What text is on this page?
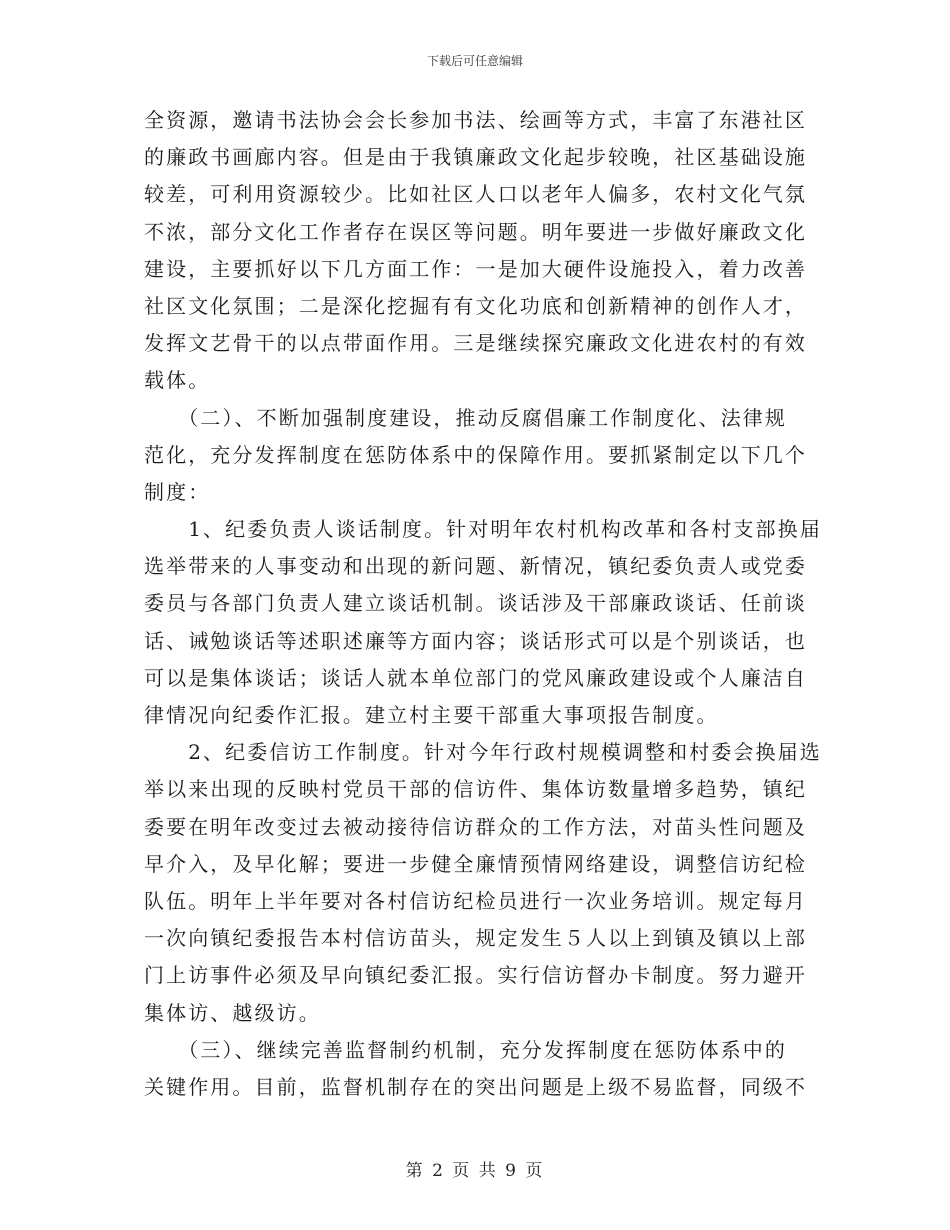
下载后可任意编辑
全资源，邀请书法协会会长参加书法、绘画等方式，丰富了东港社区
的廉政书画廊内容。但是由于我镇廉政文化起步较晚，社区基础设施
较差，可利用资源较少。比如社区人口以老年人偏多，农村文化气氛
不浓，部分文化工作者存在误区等问题。明年要进一步做好廉政文化
建设，主要抓好以下几方面工作：一是加大硬件设施投入，着力改善
社区文化氛围；二是深化挖掘有有文化功底和创新精神的创作人才，
发挥文艺骨干的以点带面作用。三是继续探究廉政文化进农村的有效
载体。
　　（二）、不断加强制度建设，推动反腐倡廉工作制度化、法律规
范化，充分发挥制度在惩防体系中的保障作用。要抓紧制定以下几个
制度：
　　1、纪委负责人谈话制度。针对明年农村机构改革和各村支部换届
选举带来的人事变动和出现的新问题、新情况，镇纪委负责人或党委
委员与各部门负责人建立谈话机制。谈话涉及干部廉政谈话、任前谈
话、诫勉谈话等述职述廉等方面内容；谈话形式可以是个别谈话，也
可以是集体谈话；谈话人就本单位部门的党风廉政建设或个人廉洁自
律情况向纪委作汇报。建立村主要干部重大事项报告制度。
　　2、纪委信访工作制度。针对今年行政村规模调整和村委会换届选
举以来出现的反映村党员干部的信访件、集体访数量增多趋势，镇纪
委要在明年改变过去被动接待信访群众的工作方法，对苗头性问题及
早介入，及早化解；要进一步健全廉情预情网络建设，调整信访纪检
队伍。明年上半年要对各村信访纪检员进行一次业务培训。规定每月
一次向镇纪委报告本村信访苗头，规定发生５人以上到镇及镇以上部
门上访事件必须及早向镇纪委汇报。实行信访督办卡制度。努力避开
集体访、越级访。
　　（三）、继续完善监督制约机制，充分发挥制度在惩防体系中的
关键作用。目前，监督机制存在的突出问题是上级不易监督，同级不
第 2 页 共 9 页
